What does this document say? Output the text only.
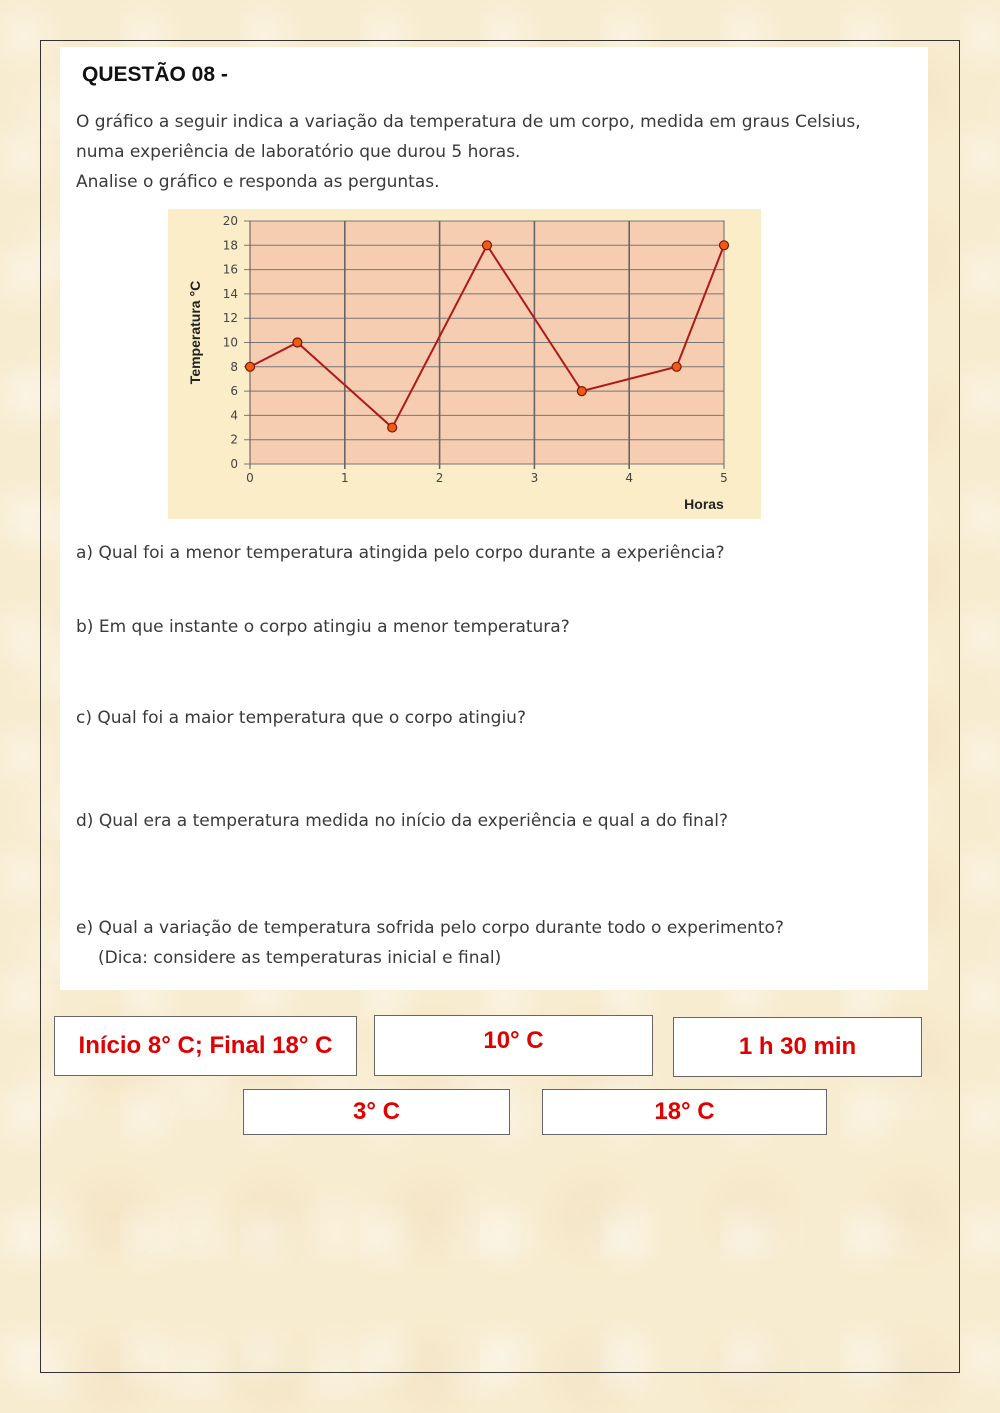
QUESTÃO 08 -

O gráfico a seguir indica a variação da temperatura de um corpo, medida em graus Celsius,

numa experiência de laboratório que durou 5 horas.

Analise o gráfico e responda as perguntas.

0
2
4
6
8
10
12
14
16
18
20
0	1	2	3	4	5
Horas
Temperatura °C
a) Qual foi a menor temperatura atingida pelo corpo durante a experiência?
b) Em que instante o corpo atingiu a menor temperatura?
c) Qual foi a maior temperatura que o corpo atingiu?
d) Qual era a temperatura medida no início da experiência e qual a do final?
e) Qual a variação de temperatura sofrida pelo corpo durante todo o experimento?
(Dica: considere as temperaturas inicial e final)
Início 8° C; Final 18° C	10° C	1 h 30 min
3° C	18° C
